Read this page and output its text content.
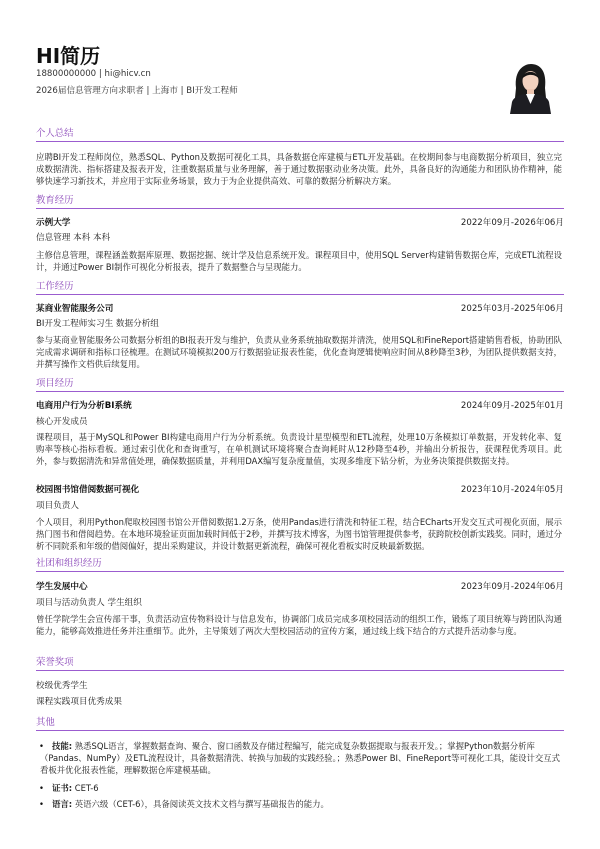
HI简历
18800000000 | hi@hicv.cn
2026届信息管理方向求职者 | 上海市 | BI开发工程师
个人总结
应聘BI开发工程师岗位，熟悉SQL、Python及数据可视化工具，具备数据仓库建模与ETL开发基础。在校期间参与电商数据分析项目，独立完成数据清洗、指标搭建及报表开发，注重数据质量与业务理解，善于通过数据驱动业务决策。此外，具备良好的沟通能力和团队协作精神，能够快速学习新技术，并应用于实际业务场景，致力于为企业提供高效、可靠的数据分析解决方案。
教育经历
示例大学	2022年09月-2026年06月
信息管理 本科 本科
主修信息管理，课程涵盖数据库原理、数据挖掘、统计学及信息系统开发。课程项目中，使用SQL Server构建销售数据仓库，完成ETL流程设计，并通过Power BI制作可视化分析报表，提升了数据整合与呈现能力。
工作经历
某商业智能服务公司	2025年03月-2025年06月
BI开发工程师实习生 数据分析组
参与某商业智能服务公司数据分析组的BI报表开发与维护，负责从业务系统抽取数据并清洗，使用SQL和FineReport搭建销售看板，协助团队完成需求调研和指标口径梳理。在测试环境模拟200万行数据验证报表性能，优化查询逻辑使响应时间从8秒降至3秒，为团队提供数据支持，并撰写操作文档供后续复用。
项目经历
电商用户行为分析BI系统	2024年09月-2025年01月
核心开发成员
课程项目，基于MySQL和Power BI构建电商用户行为分析系统。负责设计星型模型和ETL流程，处理10万条模拟订单数据，开发转化率、复购率等核心指标看板。通过索引优化和查询重写，在单机测试环境将聚合查询耗时从12秒降至4秒，并输出分析报告，获课程优秀项目。此外，参与数据清洗和异常值处理，确保数据质量，并利用DAX编写复杂度量值，实现多维度下钻分析，为业务决策提供数据支持。
校园图书馆借阅数据可视化	2023年10月-2024年05月
项目负责人
个人项目，利用Python爬取校园图书馆公开借阅数据1.2万条，使用Pandas进行清洗和特征工程，结合ECharts开发交互式可视化页面，展示热门图书和借阅趋势。在本地环境验证页面加载时间低于2秒，并撰写技术博客，为图书馆管理提供参考，获跨院校创新实践奖。同时，通过分析不同院系和年级的借阅偏好，提出采购建议，并设计数据更新流程，确保可视化看板实时反映最新数据。
社团和组织经历
学生发展中心	2023年09月-2024年06月
项目与活动负责人 学生组织
曾任学院学生会宣传部干事，负责活动宣传物料设计与信息发布，协调部门成员完成多项校园活动的组织工作，锻炼了项目统筹与跨团队沟通能力，能够高效推进任务并注重细节。此外，主导策划了两次大型校园活动的宣传方案，通过线上线下结合的方式提升活动参与度。
荣誉奖项
校级优秀学生
课程实践项目优秀成果
其他
• 技能: 熟悉SQL语言，掌握数据查询、聚合、窗口函数及存储过程编写，能完成复杂数据提取与报表开发。；掌握Python数据分析库（Pandas、NumPy）及ETL流程设计，具备数据清洗、转换与加载的实践经验。；熟悉Power BI、FineReport等可视化工具，能设计交互式看板并优化报表性能，理解数据仓库建模基础。
• 证书: CET-6
• 语言: 英语六级（CET-6），具备阅读英文技术文档与撰写基础报告的能力。
